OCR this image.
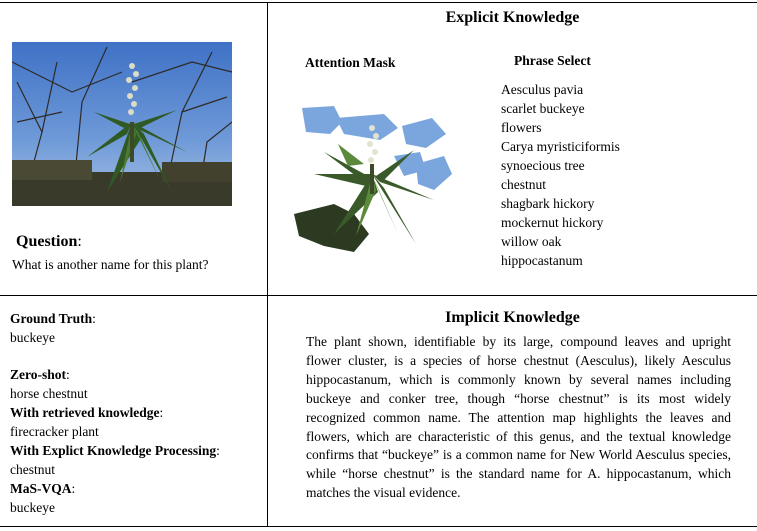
Question:
What is another name for this plant?
Explicit Knowledge
Attention Mask	Phrase Select
Aesculus pavia
scarlet buckeye
flowers
Carya myristiciformis
synoecious tree
chestnut
shagbark hickory
mockernut hickory
willow oak
hippocastanum
Ground Truth:
buckeye
Zero-shot:
horse chestnut
With retrieved knowledge:
firecracker plant
With Explict Knowledge Processing:
chestnut
MaS-VQA:
buckeye
Implicit Knowledge

The plant shown, identifiable by its large, compound leaves and upright flower cluster, is a species of horse chestnut (Aesculus), likely Aesculus hippocastanum, which is commonly known by several names including buckeye and conker tree, though “horse chestnut” is its most widely recognized common name. The attention map highlights the leaves and flowers, which are characteristic of this genus, and the textual knowledge confirms that “buckeye” is a common name for New World Aesculus species, while “horse chestnut” is the standard name for A. hippocastanum, which matches the visual evidence.
